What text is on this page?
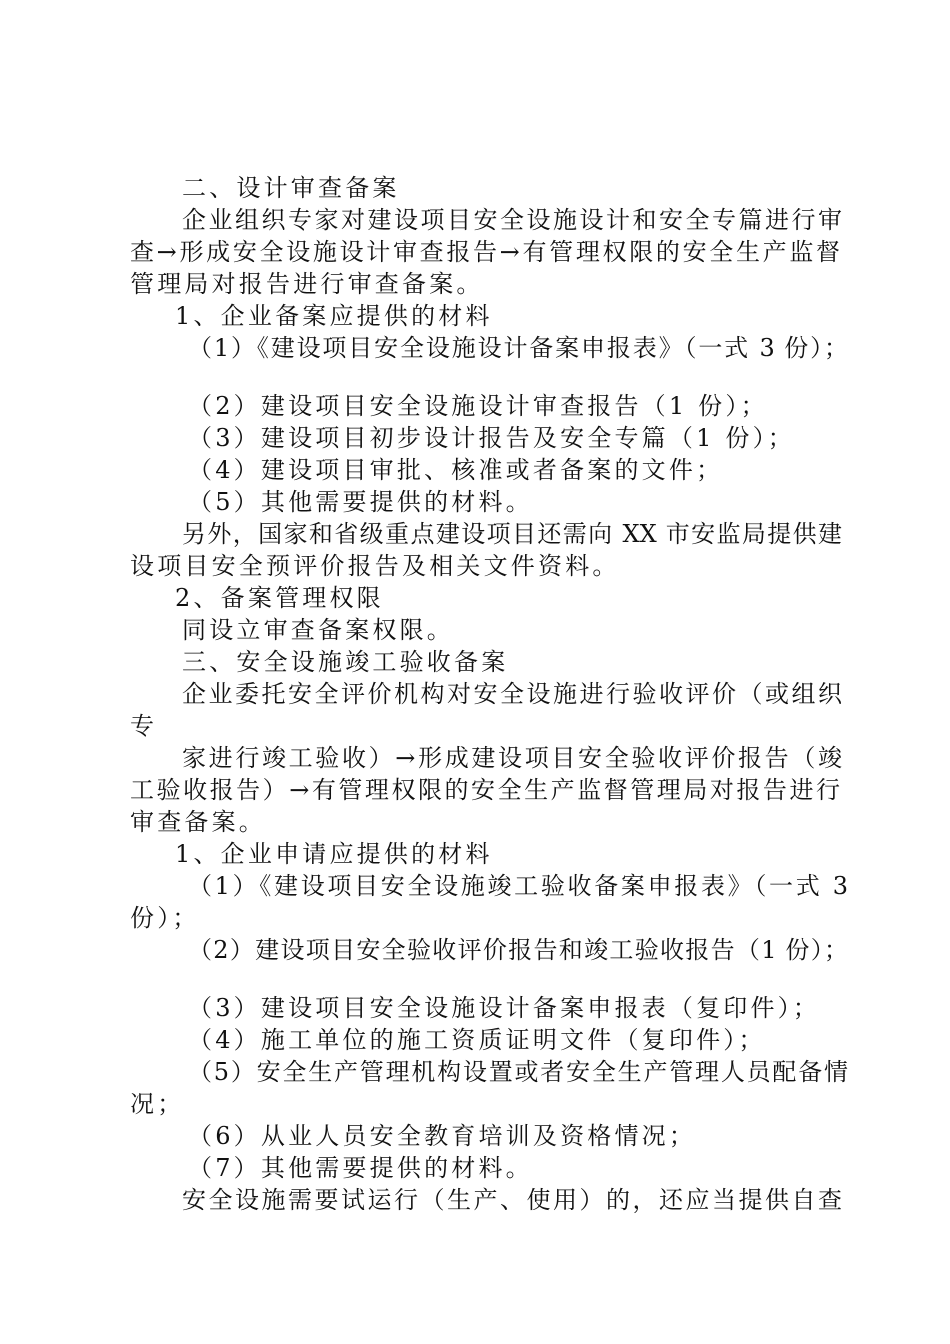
二、设计审查备案
企业组织专家对建设项目安全设施设计和安全专篇进行审
查→形成安全设施设计审查报告→有管理权限的安全生产监督
管理局对报告进行审查备案。
1、企业备案应提供的材料
（1）《建设项目安全设施设计备案申报表》（一式 3 份）；
（2）建设项目安全设施设计审查报告（1 份）；
（3）建设项目初步设计报告及安全专篇（1 份）；
（4）建设项目审批、核准或者备案的文件；
（5）其他需要提供的材料。
另外，国家和省级重点建设项目还需向 XX 市安监局提供建
设项目安全预评价报告及相关文件资料。
2、备案管理权限
同设立审查备案权限。
三、安全设施竣工验收备案
企业委托安全评价机构对安全设施进行验收评价（或组织
专
家进行竣工验收）→形成建设项目安全验收评价报告（竣
工验收报告）→有管理权限的安全生产监督管理局对报告进行
审查备案。
1、企业申请应提供的材料
（1）《建设项目安全设施竣工验收备案申报表》（一式 3
份）；
（2）建设项目安全验收评价报告和竣工验收报告（1 份）；
（3）建设项目安全设施设计备案申报表（复印件）；
（4）施工单位的施工资质证明文件（复印件）；
（5）安全生产管理机构设置或者安全生产管理人员配备情
况；
（6）从业人员安全教育培训及资格情况；
（7）其他需要提供的材料。
安全设施需要试运行（生产、使用）的，还应当提供自查
